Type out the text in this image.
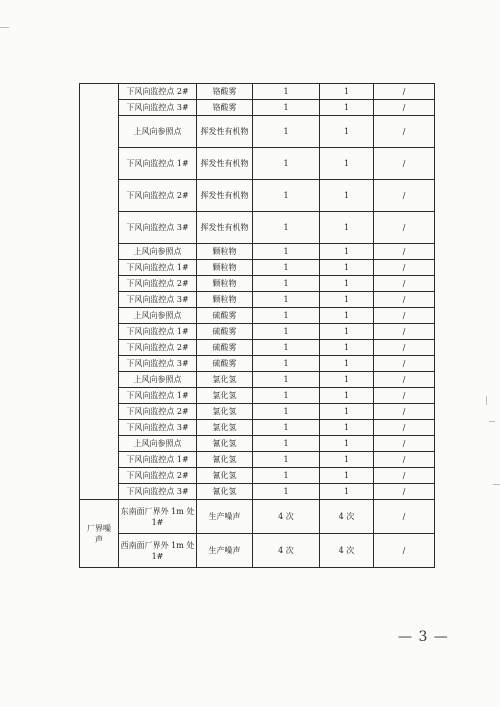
	下风向监控点 2#	铬酸雾	1	1	/
	下风向监控点 3#	铬酸雾	1	1	/
	上风向参照点	挥发性有机物	1	1	/
	下风向监控点 1#	挥发性有机物	1	1	/
	下风向监控点 2#	挥发性有机物	1	1	/
	下风向监控点 3#	挥发性有机物	1	1	/
	上风向参照点	颗粒物	1	1	/
	下风向监控点 1#	颗粒物	1	1	/
	下风向监控点 2#	颗粒物	1	1	/
	下风向监控点 3#	颗粒物	1	1	/
	上风向参照点	硫酸雾	1	1	/
	下风向监控点 1#	硫酸雾	1	1	/
	下风向监控点 2#	硫酸雾	1	1	/
	下风向监控点 3#	硫酸雾	1	1	/
	上风向参照点	氯化氢	1	1	/
	下风向监控点 1#	氯化氢	1	1	/
	下风向监控点 2#	氯化氢	1	1	/
	下风向监控点 3#	氯化氢	1	1	/
	上风向参照点	氰化氢	1	1	/
	下风向监控点 1#	氰化氢	1	1	/
	下风向监控点 2#	氰化氢	1	1	/
	下风向监控点 3#	氰化氢	1	1	/
厂界噪声	东南面厂界外 1m 处 1#	生产噪声	4 次	4 次	/
	西南面厂界外 1m 处 1#	生产噪声	4 次	4 次	/
— 3 —
